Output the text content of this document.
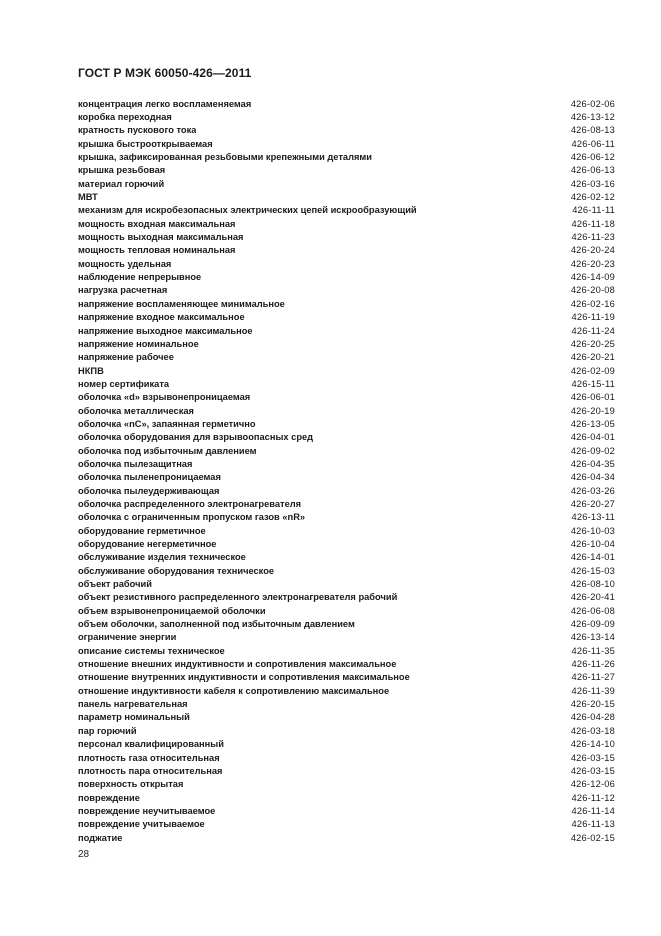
ГОСТ Р МЭК 60050-426—2011
концентрация легко воспламеняемая	426-02-06
коробка переходная	426-13-12
кратность пускового тока	426-08-13
крышка быстрооткрываемая	426-06-11
крышка, зафиксированная резьбовыми крепежными деталями	426-06-12
крышка резьбовая	426-06-13
материал горючий	426-03-16
МВТ	426-02-12
механизм для искробезопасных электрических цепей искрообразующий	426-11-11
мощность входная максимальная	426-11-18
мощность выходная максимальная	426-11-23
мощность тепловая номинальная	426-20-24
мощность удельная	426-20-23
наблюдение непрерывное	426-14-09
нагрузка расчетная	426-20-08
напряжение воспламеняющее минимальное	426-02-16
напряжение входное максимальное	426-11-19
напряжение выходное максимальное	426-11-24
напряжение номинальное	426-20-25
напряжение рабочее	426-20-21
НКПВ	426-02-09
номер сертификата	426-15-11
оболочка «d» взрывонепроницаемая	426-06-01
оболочка металлическая	426-20-19
оболочка «nC», запаянная герметично	426-13-05
оболочка оборудования для взрывоопасных сред	426-04-01
оболочка под избыточным давлением	426-09-02
оболочка пылезащитная	426-04-35
оболочка пыленепроницаемая	426-04-34
оболочка пылеудерживающая	426-03-26
оболочка распределенного электронагревателя	426-20-27
оболочка с ограниченным пропуском газов «nR»	426-13-11
оборудование герметичное	426-10-03
оборудование негерметичное	426-10-04
обслуживание изделия техническое	426-14-01
обслуживание оборудования техническое	426-15-03
объект рабочий	426-08-10
объект резистивного распределенного электронагревателя рабочий	426-20-41
объем взрывонепроницаемой оболочки	426-06-08
объем оболочки, заполненной под избыточным давлением	426-09-09
ограничение энергии	426-13-14
описание системы техническое	426-11-35
отношение внешних индуктивности и сопротивления максимальное	426-11-26
отношение внутренних индуктивности и сопротивления максимальное	426-11-27
отношение индуктивности кабеля к сопротивлению максимальное	426-11-39
панель нагревательная	426-20-15
параметр номинальный	426-04-28
пар горючий	426-03-18
персонал квалифицированный	426-14-10
плотность газа относительная	426-03-15
плотность пара относительная	426-03-15
поверхность открытая	426-12-06
повреждение	426-11-12
повреждение неучитываемое	426-11-14
повреждение учитываемое	426-11-13
поджатие	426-02-15
28
